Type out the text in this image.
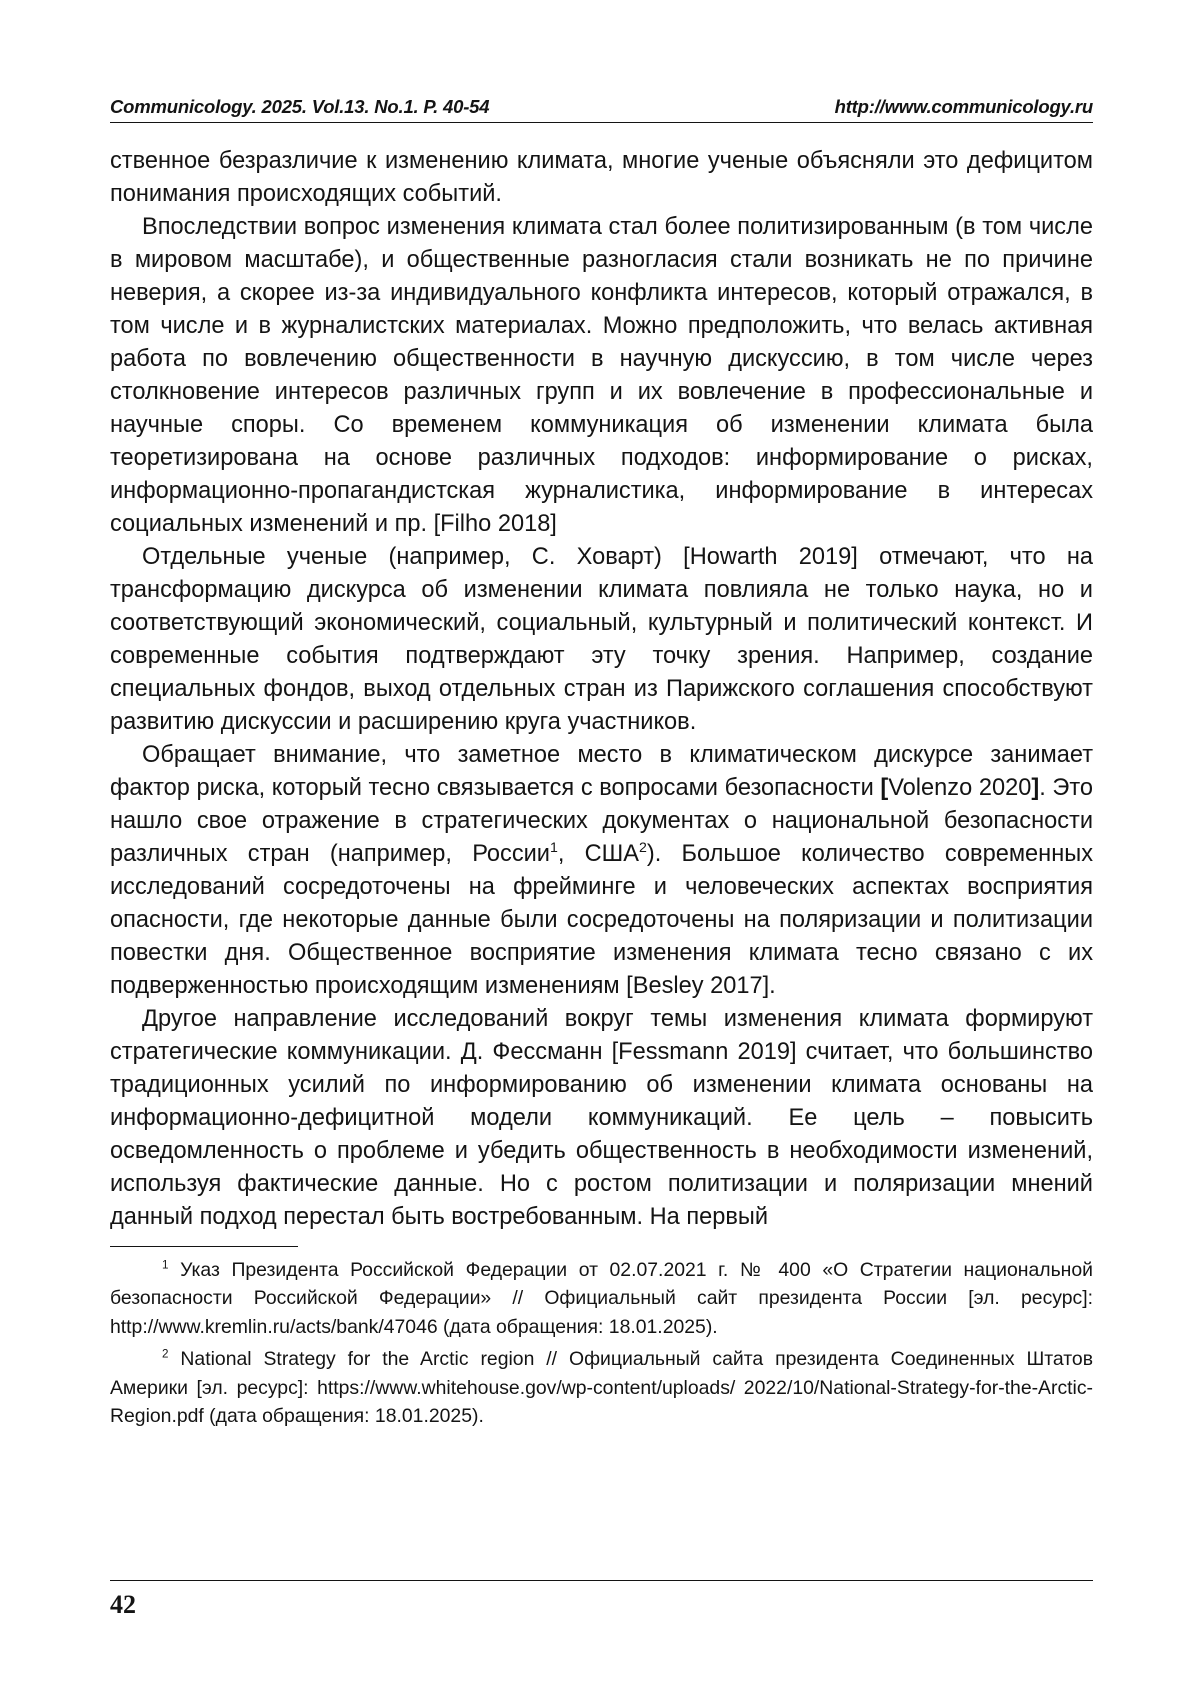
Communicology. 2025. Vol.13. No.1. P. 40-54	http://www.communicology.ru

ственное безразличие к изменению климата, многие ученые объясняли это дефицитом понимания происходящих событий.

Впоследствии вопрос изменения климата стал более политизированным (в том числе в мировом масштабе), и общественные разногласия стали возникать не по причине неверия, а скорее из-за индивидуального конфликта интересов, который отражался, в том числе и в журналистских материалах. Можно предположить, что велась активная работа по вовлечению общественности в научную дискуссию, в том числе через столкновение интересов различных групп и их вовлечение в профессиональные и научные споры. Со временем коммуникация об изменении климата была теоретизирована на основе различных подходов: информирование о рисках, информационно-пропагандистская журналистика, информирование в интересах социальных изменений и пр. [Filho 2018]

Отдельные ученые (например, С. Ховарт) [Howarth 2019] отмечают, что на трансформацию дискурса об изменении климата повлияла не только наука, но и соответствующий экономический, социальный, культурный и политический контекст. И современные события подтверждают эту точку зрения. Например, создание специальных фондов, выход отдельных стран из Парижского соглашения способствуют развитию дискуссии и расширению круга участников.

Обращает внимание, что заметное место в климатическом дискурсе занимает фактор риска, который тесно связывается с вопросами безопасности [Volenzo 2020]. Это нашло свое отражение в стратегических документах о национальной безопасности различных стран (например, России$^1$, США$^2$). Большое количество современных исследований сосредоточены на фрейминге и человеческих аспектах восприятия опасности, где некоторые данные были сосредоточены на поляризации и политизации повестки дня. Общественное восприятие изменения климата тесно связано с их подверженностью происходящим изменениям [Besley 2017].

Другое направление исследований вокруг темы изменения климата формируют стратегические коммуникации. Д. Фессманн [Fessmann 2019] считает, что большинство традиционных усилий по информированию об изменении климата основаны на информационно-дефицитной модели коммуникаций. Ее цель – повысить осведомленность о проблеме и убедить общественность в необходимости изменений, используя фактические данные. Но с ростом политизации и поляризации мнений данный подход перестал быть востребованным. На первый

$^1$ Указ Президента Российской Федерации от 02.07.2021 г. № 400 «О Стратегии национальной безопасности Российской Федерации» // Официальный сайт президента России [эл. ресурс]: http://www.kremlin.ru/acts/bank/47046 (дата обращения: 18.01.2025).

$^2$ National Strategy for the Arctic region // Официальный сайта президента Соединенных Штатов Америки [эл. ресурс]: https://www.whitehouse.gov/wp-content/uploads/ 2022/10/National-Strategy-for-the-Arctic-Region.pdf (дата обращения: 18.01.2025).

42
